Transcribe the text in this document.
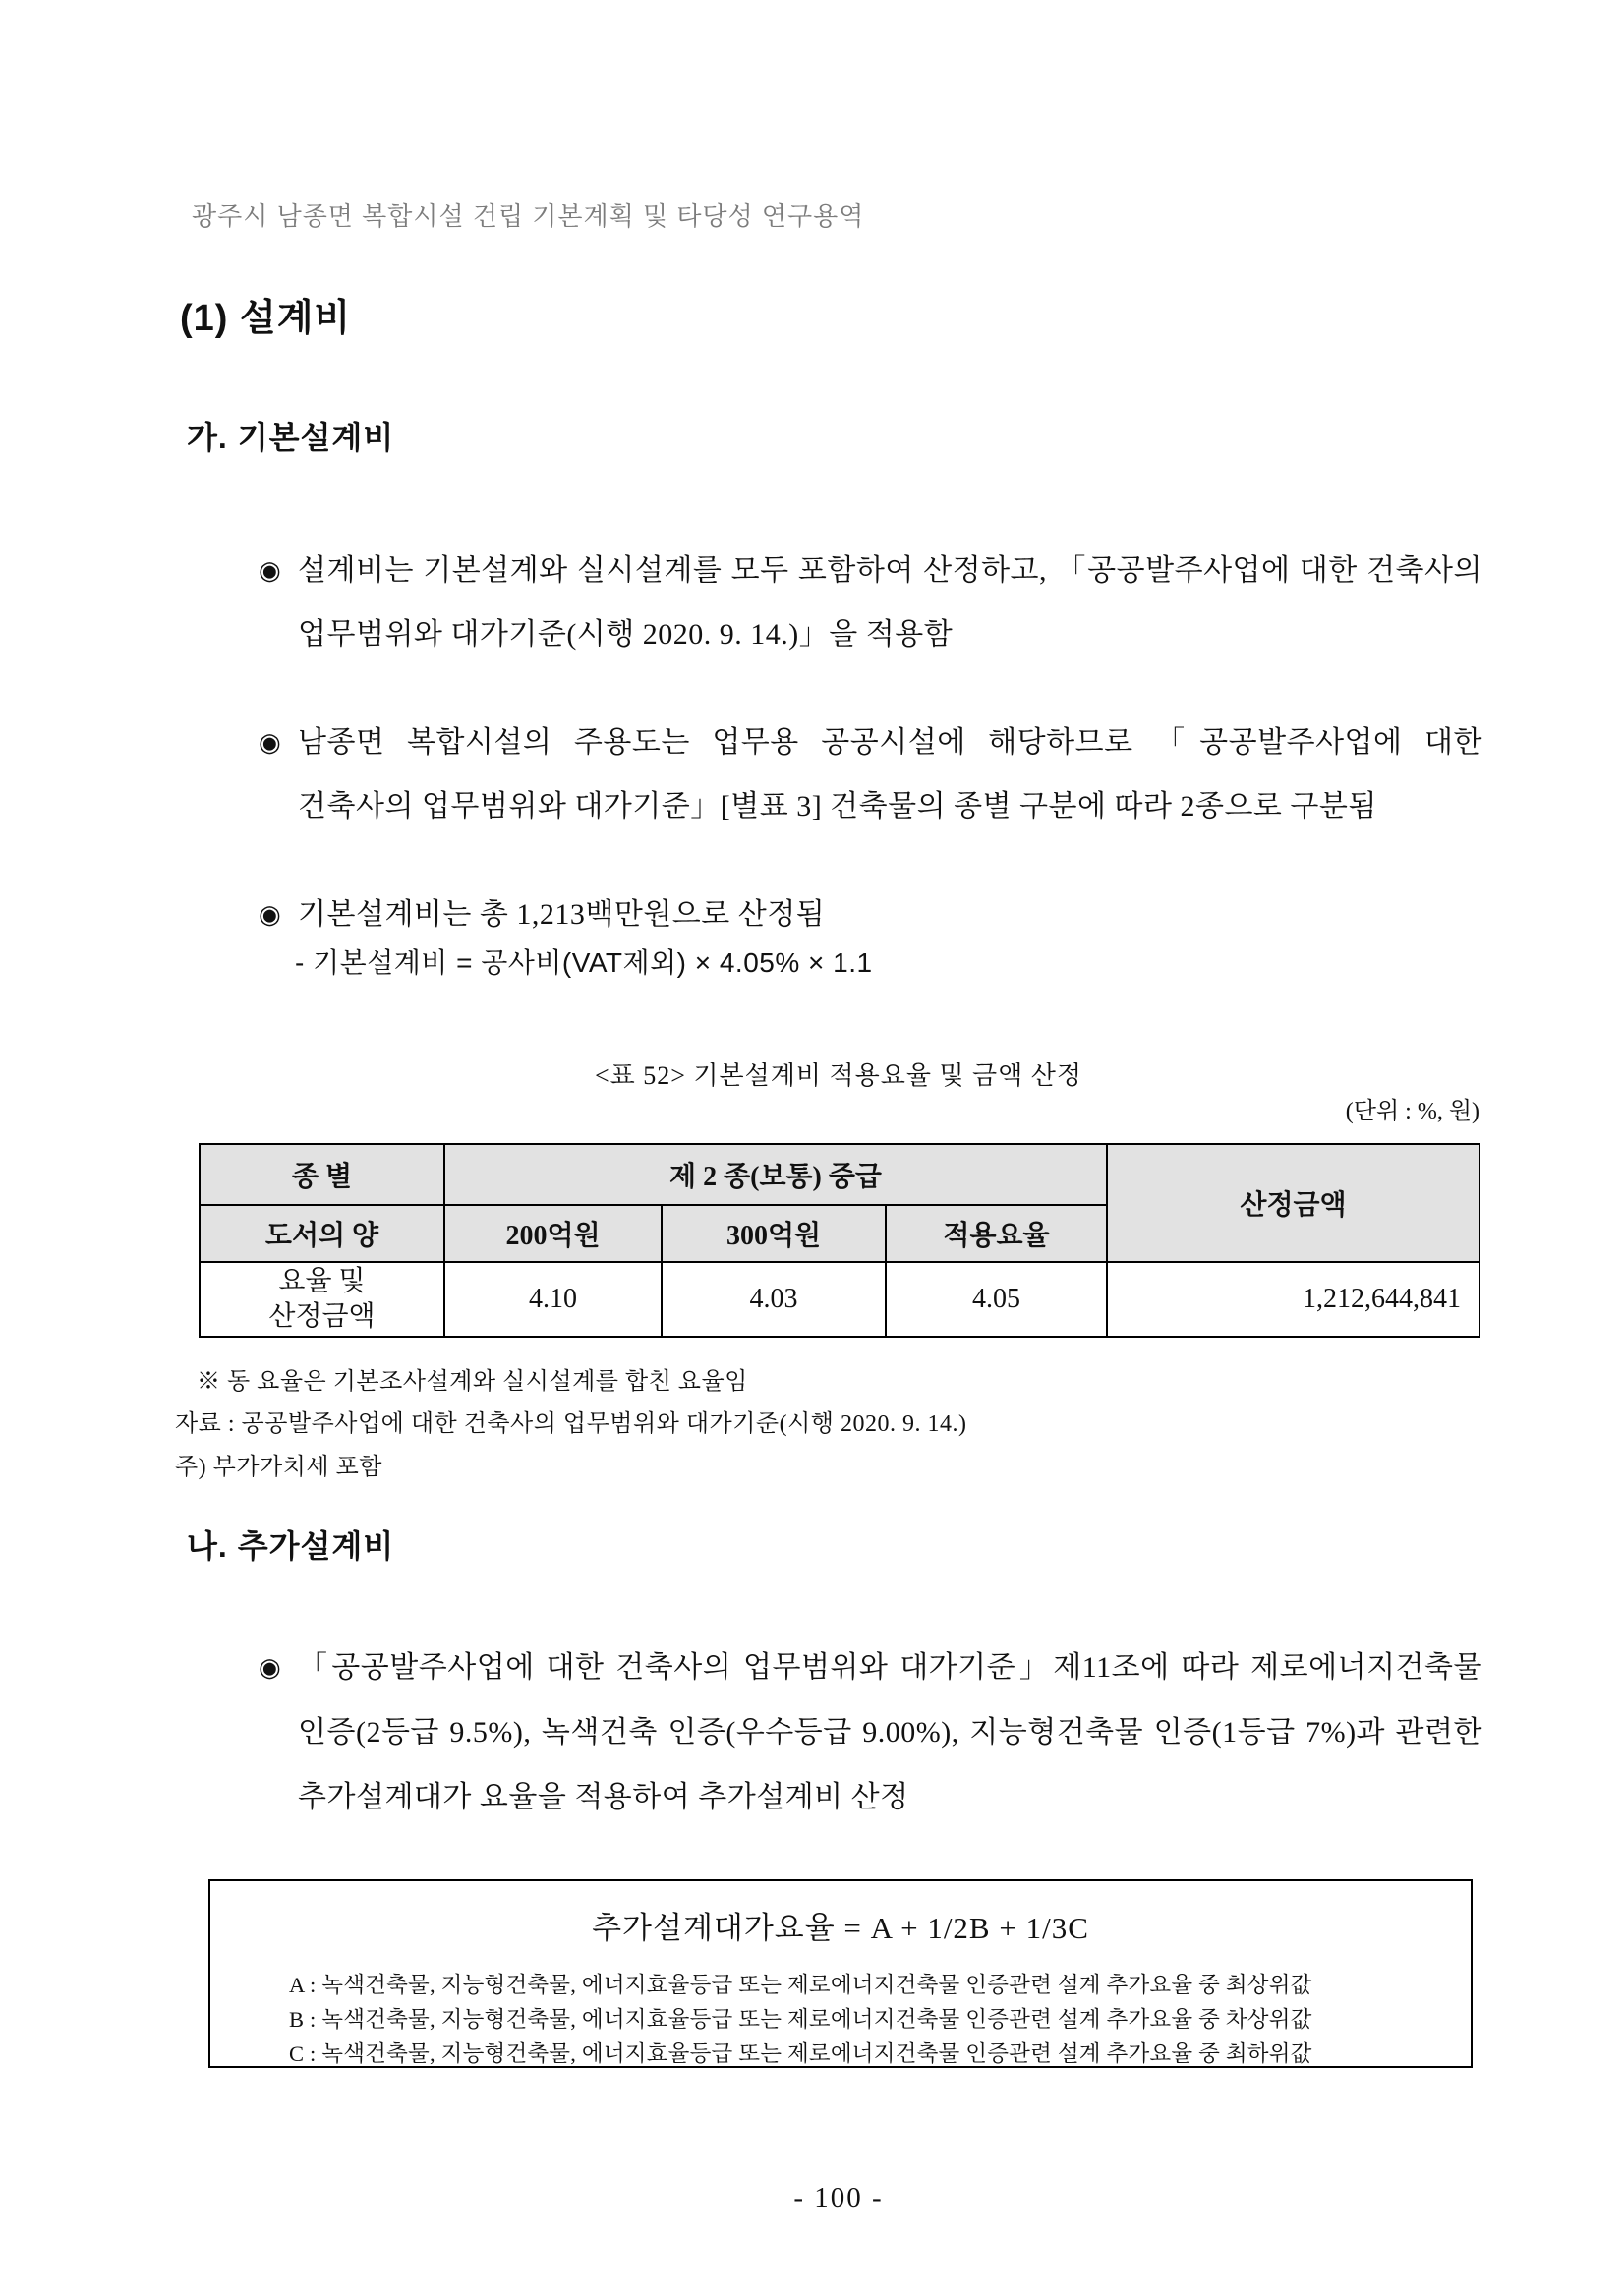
광주시 남종면 복합시설 건립 기본계획 및 타당성 연구용역
(1) 설계비
가. 기본설계비
◉ 설계비는 기본설계와 실시설계를 모두 포함하여 산정하고, 「공공발주사업에 대한 건축사의 업무범위와 대가기준(시행 2020. 9. 14.)」을 적용함
◉ 남종면 복합시설의 주용도는 업무용 공공시설에 해당하므로 「공공발주사업에 대한 건축사의 업무범위와 대가기준」[별표 3] 건축물의 종별 구분에 따라 2종으로 구분됨
◉ 기본설계비는 총 1,213백만원으로 산정됨
- 기본설계비 = 공사비(VAT제외) × 4.05% × 1.1
<표 52> 기본설계비 적용요율 및 금액 산정
(단위 : %, 원)
종 별	제 2 종(보통) 중급			산정금액
도서의 양	200억원	300억원	적용요율	

요율 및
산정금액	4.10	4.03	4.05	1,212,644,841
※ 동 요율은 기본조사설계와 실시설계를 합친 요율임
자료 : 공공발주사업에 대한 건축사의 업무범위와 대가기준(시행 2020. 9. 14.)
주) 부가가치세 포함
나. 추가설계비
◉ 「공공발주사업에 대한 건축사의 업무범위와 대가기준」제11조에 따라 제로에너지건축물 인증(2등급 9.5%), 녹색건축 인증(우수등급 9.00%), 지능형건축물 인증(1등급 7%)과 관련한 추가설계대가 요율을 적용하여 추가설계비 산정
추가설계대가요율 = A + 1/2B + 1/3C
A : 녹색건축물, 지능형건축물, 에너지효율등급 또는 제로에너지건축물 인증관련 설계 추가요율 중 최상위값
B : 녹색건축물, 지능형건축물, 에너지효율등급 또는 제로에너지건축물 인증관련 설계 추가요율 중 차상위값
C : 녹색건축물, 지능형건축물, 에너지효율등급 또는 제로에너지건축물 인증관련 설계 추가요율 중 최하위값
- 100 -
